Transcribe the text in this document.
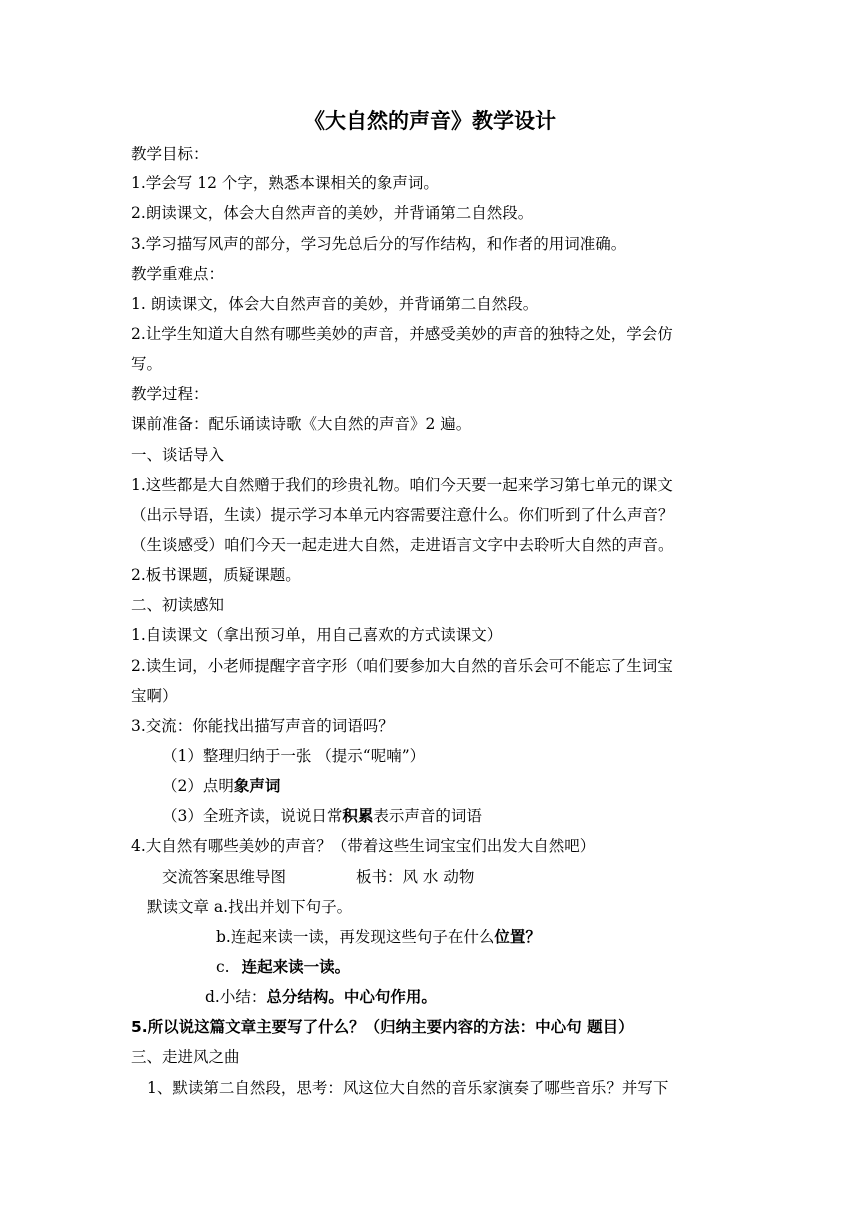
《大自然的声音》教学设计
教学目标：
1.学会写 12 个字，熟悉本课相关的象声词。
2.朗读课文，体会大自然声音的美妙，并背诵第二自然段。
3.学习描写风声的部分，学习先总后分的写作结构，和作者的用词准确。
教学重难点：
1. 朗读课文，体会大自然声音的美妙，并背诵第二自然段。
2.让学生知道大自然有哪些美妙的声音，并感受美妙的声音的独特之处，学会仿
写。
教学过程：
课前准备：配乐诵读诗歌《大自然的声音》2 遍。
一、谈话导入
1.这些都是大自然赠于我们的珍贵礼物。咱们今天要一起来学习第七单元的课文
（出示导语，生读）提示学习本单元内容需要注意什么。你们听到了什么声音？
（生谈感受）咱们今天一起走进大自然，走进语言文字中去聆听大自然的声音。
2.板书课题，质疑课题。
二、初读感知
1.自读课文（拿出预习单，用自己喜欢的方式读课文）
2.读生词，小老师提醒字音字形（咱们要参加大自然的音乐会可不能忘了生词宝
宝啊）
3.交流：你能找出描写声音的词语吗？
（1）整理归纳于一张 （提示“呢喃”）
（2）点明象声词
（3）全班齐读，说说日常积累表示声音的词语
4.大自然有哪些美妙的声音？（带着这些生词宝宝们出发大自然吧）
交流答案思维导图	板书：风 水 动物
默读文章 a.找出并划下句子。
b.连起来读一读，再发现这些句子在什么位置？
c. 连起来读一读。
d.小结：总分结构。中心句作用。
5.所以说这篇文章主要写了什么？（归纳主要内容的方法：中心句 题目）
三、走进风之曲
1、默读第二自然段，思考：风这位大自然的音乐家演奏了哪些音乐？并写下
